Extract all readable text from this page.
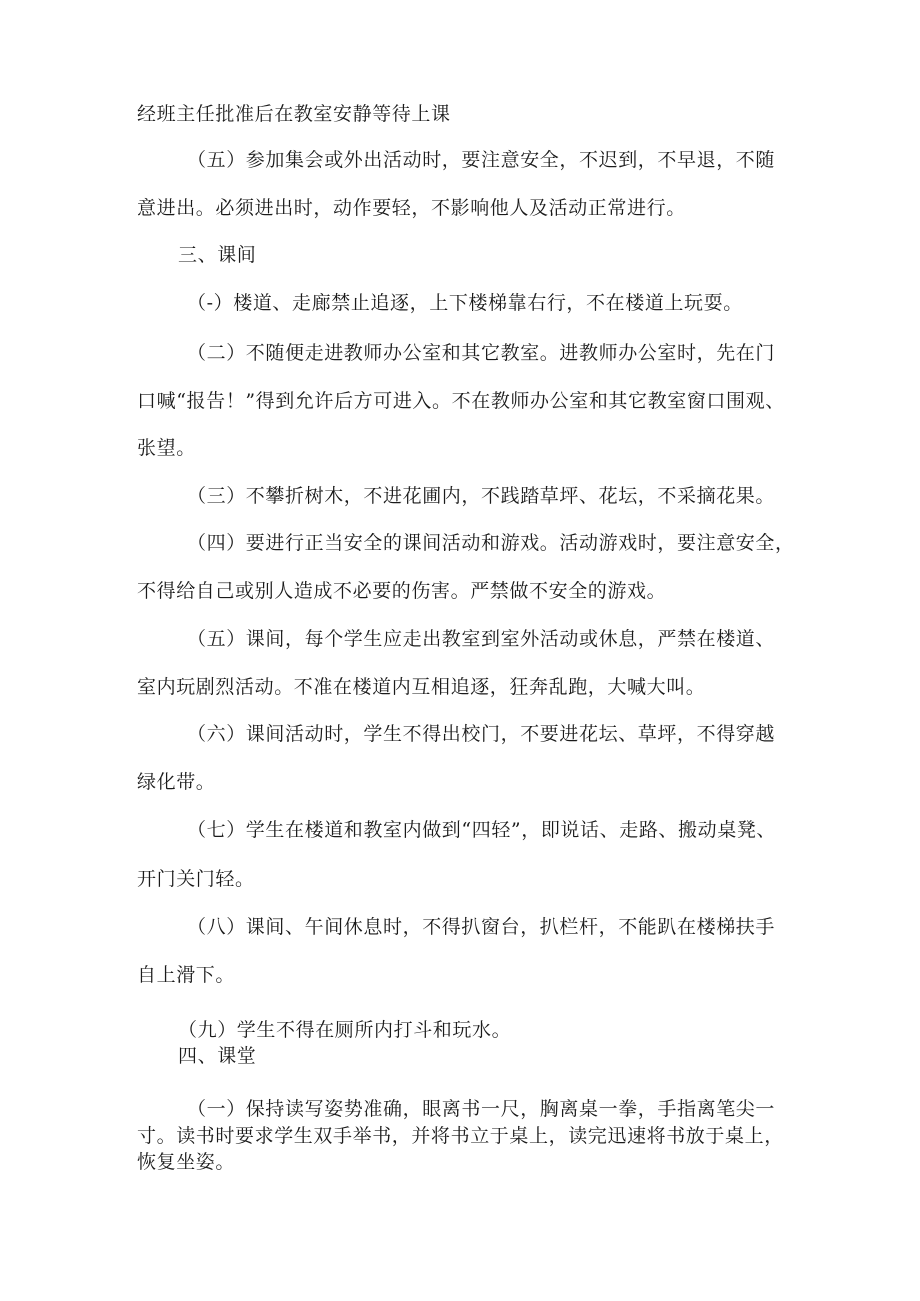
经班主任批准后在教室安静等待上课
（五）参加集会或外出活动时，要注意安全，不迟到，不早退，不随
意进出。必须进出时，动作要轻，不影响他人及活动正常进行。
三、课间
（-）楼道、走廊禁止追逐，上下楼梯靠右行，不在楼道上玩耍。
（二）不随便走进教师办公室和其它教室。进教师办公室时，先在门
口喊“报告！”得到允许后方可进入。不在教师办公室和其它教室窗口围观、
张望。
（三）不攀折树木，不进花圃内，不践踏草坪、花坛，不采摘花果。
（四）要进行正当安全的课间活动和游戏。活动游戏时，要注意安全，
不得给自己或别人造成不必要的伤害。严禁做不安全的游戏。
（五）课间，每个学生应走出教室到室外活动或休息，严禁在楼道、
室内玩剧烈活动。不准在楼道内互相追逐，狂奔乱跑，大喊大叫。
（六）课间活动时，学生不得出校门，不要进花坛、草坪，不得穿越
绿化带。
（七）学生在楼道和教室内做到“四轻”，即说话、走路、搬动桌凳、
开门关门轻。
（八）课间、午间休息时，不得扒窗台，扒栏杆，不能趴在楼梯扶手
自上滑下。
（九）学生不得在厕所内打斗和玩水。
四、课堂
（一）保持读写姿势准确，眼离书一尺，胸离桌一拳，手指离笔尖一
寸。读书时要求学生双手举书，并将书立于桌上，读完迅速将书放于桌上，
恢复坐姿。
